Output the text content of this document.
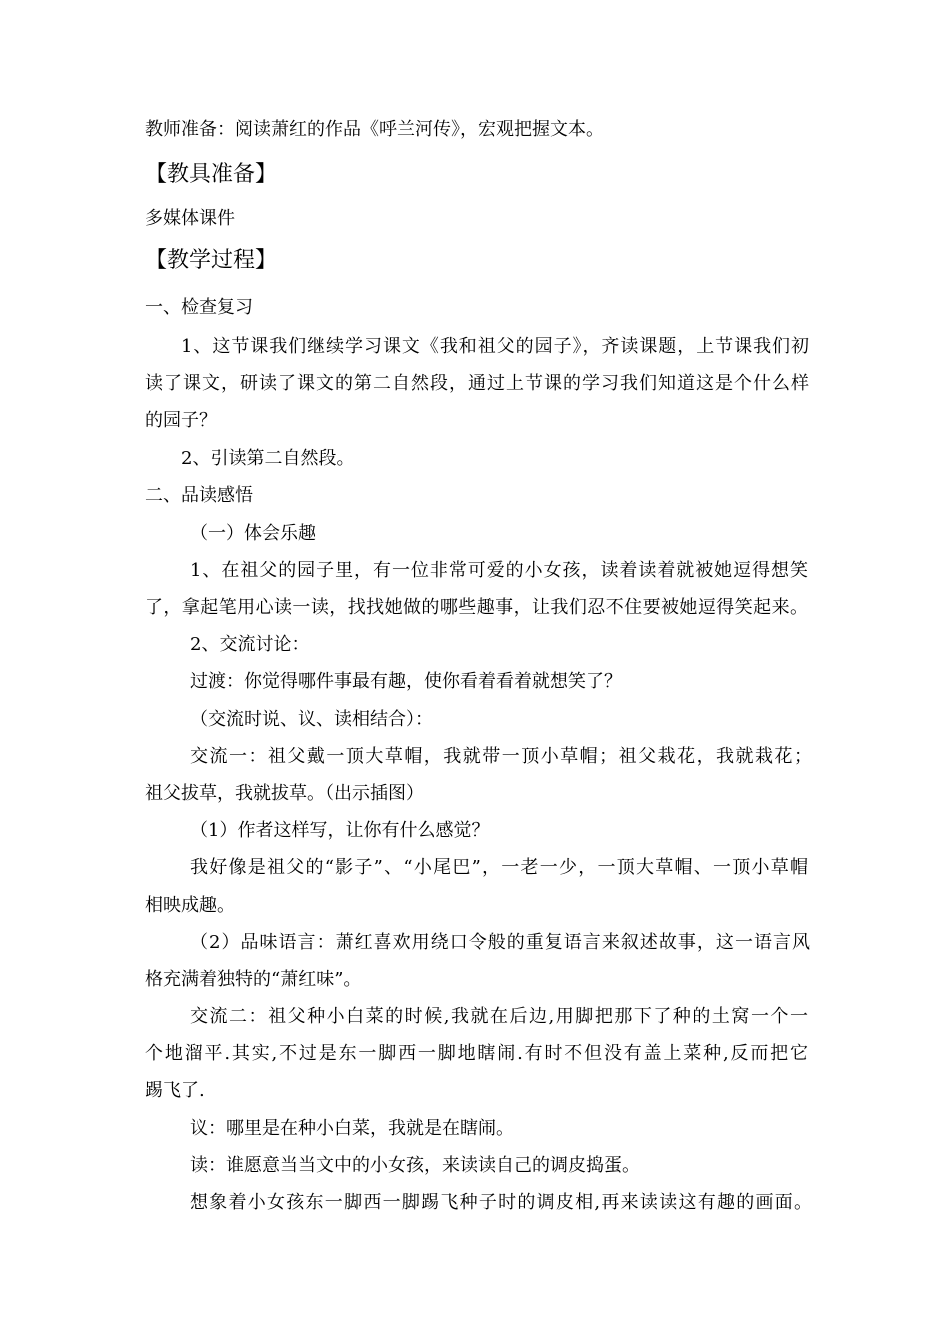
教师准备：阅读萧红的作品《呼兰河传》，宏观把握文本。
【教具准备】
多媒体课件
【教学过程】
一、检查复习
1、这节课我们继续学习课文《我和祖父的园子》，齐读课题，上节课我们初
读了课文，研读了课文的第二自然段，通过上节课的学习我们知道这是个什么样
的园子？
2、引读第二自然段。
二、品读感悟
（一）体会乐趣
1、在祖父的园子里，有一位非常可爱的小女孩，读着读着就被她逗得想笑
了，拿起笔用心读一读，找找她做的哪些趣事，让我们忍不住要被她逗得笑起来。
2、交流讨论：
过渡：你觉得哪件事最有趣，使你看着看着就想笑了？
（交流时说、议、读相结合）：
交流一：祖父戴一顶大草帽，我就带一顶小草帽；祖父栽花，我就栽花；
祖父拔草，我就拔草。（出示插图）
（1）作者这样写，让你有什么感觉？
我好像是祖父的“影子”、“小尾巴”，一老一少，一顶大草帽、一顶小草帽
相映成趣。
（2）品味语言：萧红喜欢用绕口令般的重复语言来叙述故事，这一语言风
格充满着独特的“萧红味”。
交流二：祖父种小白菜的时候,我就在后边,用脚把那下了种的土窝一个一
个地溜平.其实,不过是东一脚西一脚地瞎闹.有时不但没有盖上菜种,反而把它
踢飞了.
议：哪里是在种小白菜，我就是在瞎闹。
读：谁愿意当当文中的小女孩，来读读自己的调皮捣蛋。
想象着小女孩东一脚西一脚踢飞种子时的调皮相,再来读读这有趣的画面。
